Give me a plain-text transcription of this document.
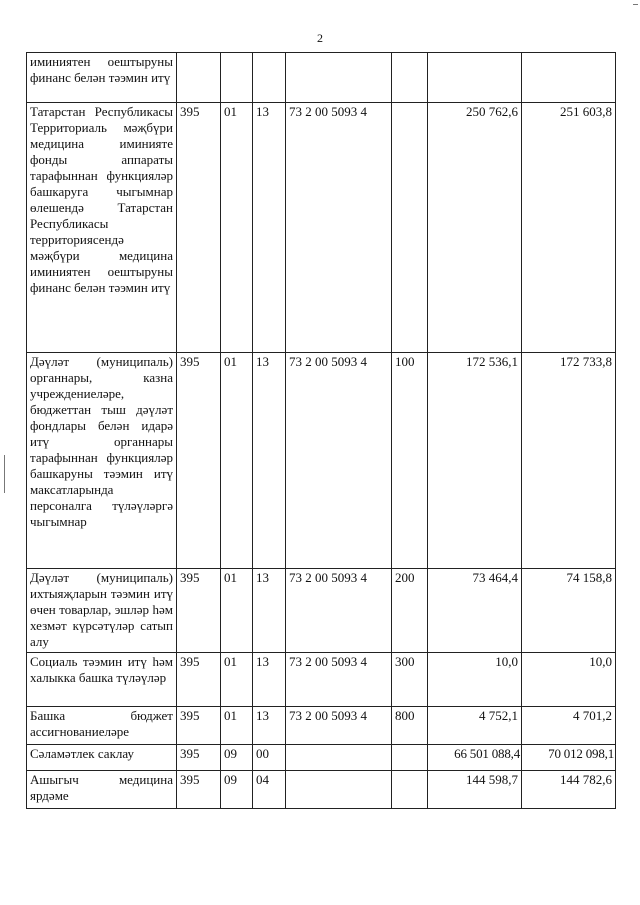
2
иминиятен оештыруны финанс белән тәэмин итү							
Татарстан Республикасы Территориаль мәҗбүри медицина иминияте фонды аппараты тарафыннан функцияләр башкаруга чыгымнар өлешендә Татарстан Республикасы территориясендә мәҗбүри медицина иминиятен оештыруны финанс белән тәэмин итү	395	01	13	73 2 00 5093 4		250 762,6	251 603,8
Дәүләт (муниципаль) органнары, казна учреждениеләре, бюджеттан тыш дәүләт фондлары белән идарә итү органнары тарафыннан функцияләр башкаруны тәэмин итү максатларында персоналга түләүләргә чыгымнар	395	01	13	73 2 00 5093 4	100	172 536,1	172 733,8
Дәүләт (муниципаль) ихтыяҗларын тәэмин итү өчен товарлар, эшләр һәм хезмәт күрсәтүләр сатып алу	395	01	13	73 2 00 5093 4	200	73 464,4	74 158,8
Социаль тәэмин итү һәм халыкка башка түләүләр	395	01	13	73 2 00 5093 4	300	10,0	10,0
Башка бюджет ассигнованиеләре	395	01	13	73 2 00 5093 4	800	4 752,1	4 701,2
Сәламәтлек саклау	395	09	00			66 501 088,4	70 012 098,1
Ашыгыч медицина ярдәме	395	09	04			144 598,7	144 782,6
